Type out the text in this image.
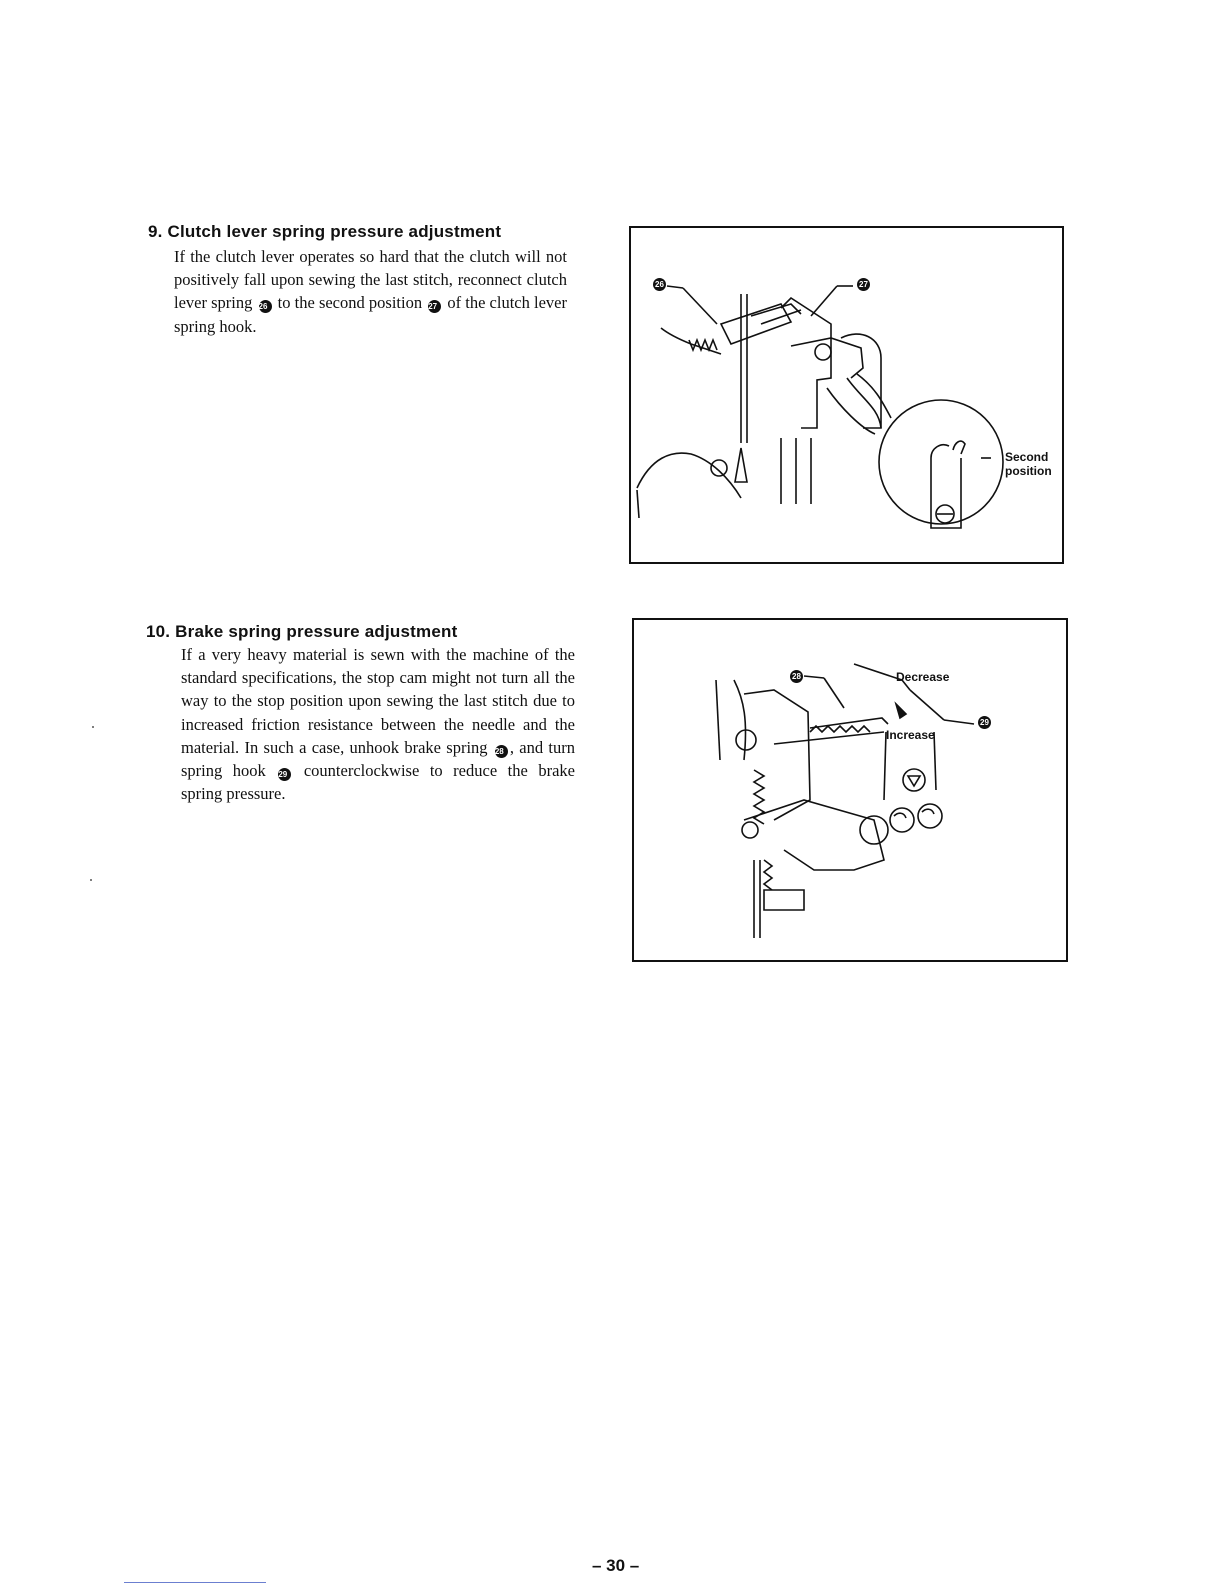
9. Clutch lever spring pressure adjustment
If the clutch lever operates so hard that the clutch will not positively fall upon sewing the last stitch, reconnect clutch lever spring 26 to the second position 27 of the clutch lever spring hook.
26	27
Second
position
10. Brake spring pressure adjustment
If a very heavy material is sewn with the machine of the standard specifications, the stop cam might not turn all the way to the stop position upon sewing the last stitch due to increased friction resistance between the needle and the material. In such a case, unhook brake spring 28 , and turn spring hook 29 counterclockwise to reduce the brake spring pressure.
28
29
Decrease
Increase
– 30 –
